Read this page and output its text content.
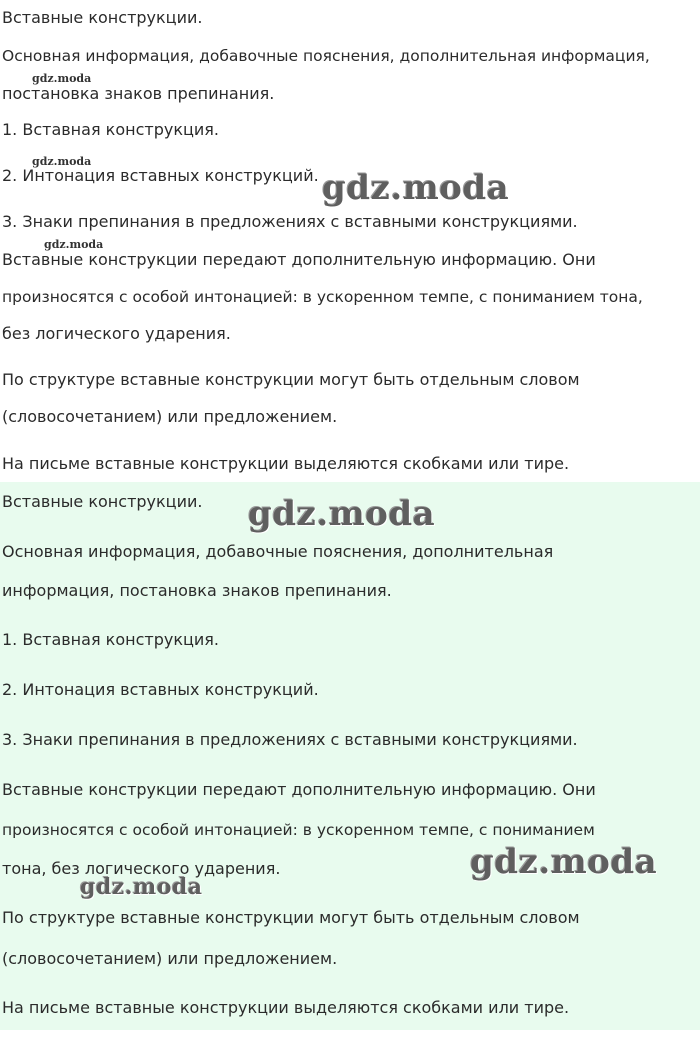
Вставные конструкции.
Основная информация, добавочные пояснения, дополнительная информация,
постановка знаков препинания.
1. Вставная конструкция.
2. Интонация вставных конструкций.
3. Знаки препинания в предложениях с вставными конструкциями.
Вставные конструкции передают дополнительную информацию. Они
произносятся с особой интонацией: в ускоренном темпе, с пониманием тона,
без логического ударения.
По структуре вставные конструкции могут быть отдельным словом
(словосочетанием) или предложением.
На письме вставные конструкции выделяются скобками или тире.
gdz.moda
gdz.moda
gdz.moda
gdz.moda
Вставные конструкции.
Основная информация, добавочные пояснения, дополнительная
информация, постановка знаков препинания.
1. Вставная конструкция.
2. Интонация вставных конструкций.
3. Знаки препинания в предложениях с вставными конструкциями.
Вставные конструкции передают дополнительную информацию. Они
произносятся с особой интонацией: в ускоренном темпе, с пониманием
тона, без логического ударения.
По структуре вставные конструкции могут быть отдельным словом
(словосочетанием) или предложением.
На письме вставные конструкции выделяются скобками или тире.
gdz.moda
gdz.moda
gdz.moda
